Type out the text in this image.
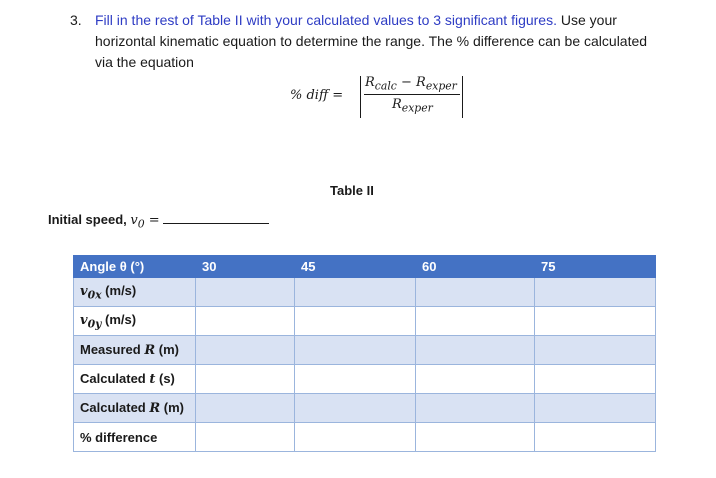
3. Fill in the rest of Table II with your calculated values to 3 significant figures. Use your horizontal kinematic equation to determine the range. The % difference can be calculated via the equation
% diff =
$R_{calc} - R_{exper}$
$R_{exper}$
Table II
Initial speed, $v_0$ =
Angle θ (°)	30	45	60	75
$v_{0x}$ (m/s)				
$v_{0y}$ (m/s)				
Measured R (m)				
Calculated t (s)				
Calculated R (m)				
% difference				
